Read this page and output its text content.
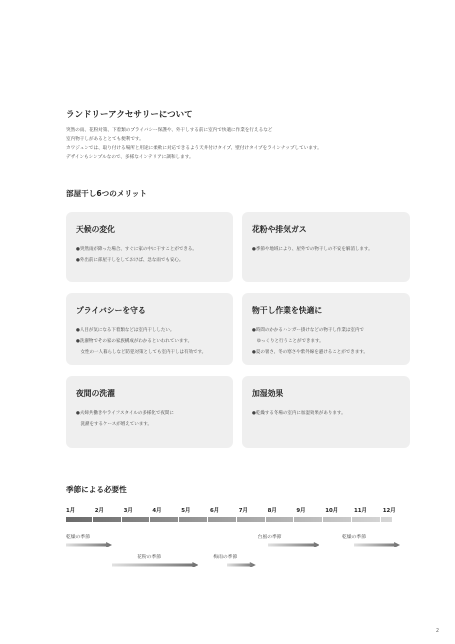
ランドリーアクセサリーについて
突然の雨、花粉対策、下着類のプライバシー保護や、外干しする前に室内で快適に作業を行えるなど
室内物干しがあるととても便利です。
カワジュンでは、取り付ける場所と用途に柔軟に対応できるよう天井付けタイプ、壁付けタイプをラインナップしています。
デザインもシンプルなので、多様なインテリアに調和します。
部屋干し6つのメリット
天候の変化
●突然雨が降った場合、すぐに家の中に干すことができる。
●外出前に部屋干しをしておけば、急な雨でも安心。
花粉や排気ガス
●季節や地域により、屋外での物干しの不安を解消します。
プライバシーを守る
●人目が気になる下着類などは室内干ししたい。
●洗濯物でその家の家族構成がわかるといわれています。
　女性の一人暮らしなど防犯対策としても室内干しは有効です。
物干し作業を快適に
●時間のかかるハンガー掛けなどの物干し作業は室内で
　ゆっくりと行うことができます。
●夏の暑さ、冬の寒さや紫外線を避けることができます。
夜間の洗濯
●夫婦共働きやライフスタイルの多様化で夜間に
　洗濯をするケースが増えています。
加湿効果
●乾燥する冬場の室内に加湿効果があります。
季節による必要性
1月	2月	3月	4月	5月	6月	7月	8月	9月	10月	11月	12月
乾燥の季節	台風の季節	乾燥の季節
花粉の季節	梅雨の季節
2
